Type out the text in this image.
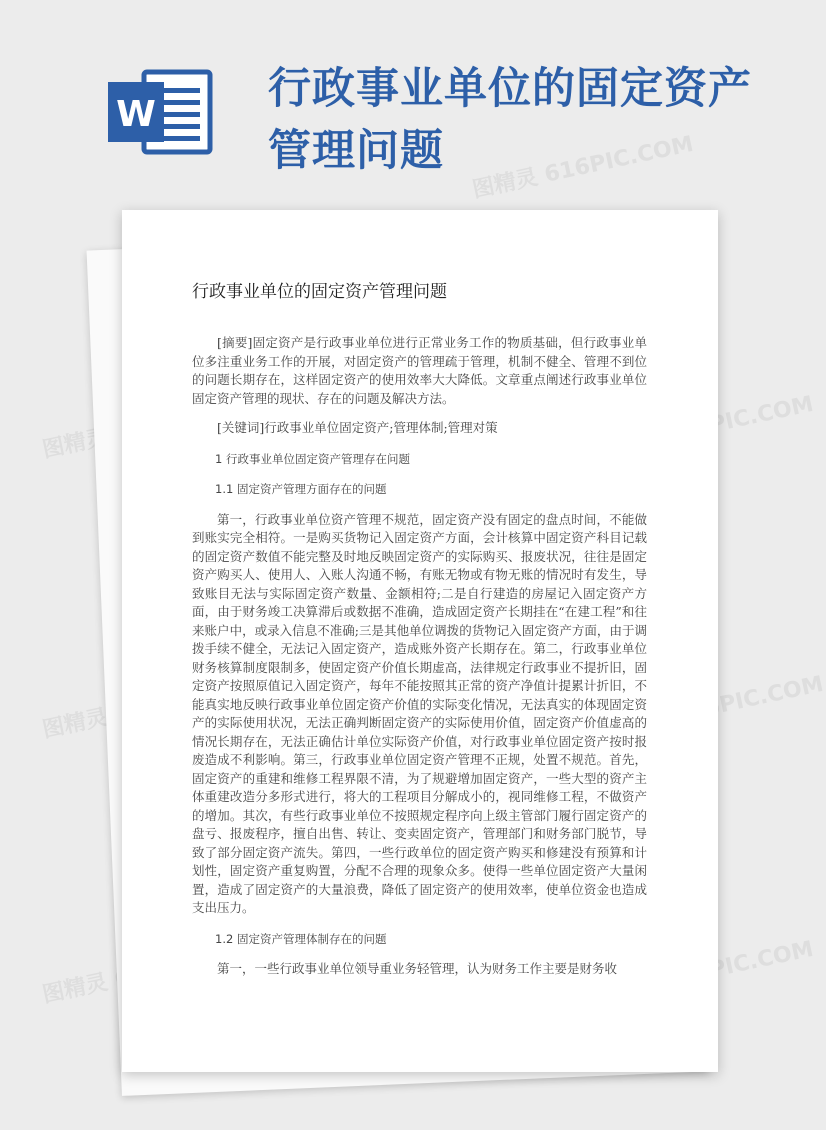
W
行政事业单位的固定资产管理问题	图精灵 616PIC.COM
图精灵	616PIC.COM
图精灵	616PIC.COM
图精灵	616PIC.COM
行政事业单位的固定资产管理问题

[摘要]固定资产是行政事业单位进行正常业务工作的物质基础，但行政事业单位多注重业务工作的开展，对固定资产的管理疏于管理，机制不健全、管理不到位的问题长期存在，这样固定资产的使用效率大大降低。文章重点阐述行政事业单位固定资产管理的现状、存在的问题及解决方法。

[关键词]行政事业单位固定资产;管理体制;管理对策

1 行政事业单位固定资产管理存在问题

1.1 固定资产管理方面存在的问题

第一，行政事业单位资产管理不规范，固定资产没有固定的盘点时间，不能做到账实完全相符。一是购买货物记入固定资产方面，会计核算中固定资产科目记载的固定资产数值不能完整及时地反映固定资产的实际购买、报废状况，往往是固定资产购买人、使用人、入账人沟通不畅，有账无物或有物无账的情况时有发生，导致账目无法与实际固定资产数量、金额相符;二是自行建造的房屋记入固定资产方面，由于财务竣工决算滞后或数据不准确，造成固定资产长期挂在“在建工程”和往来账户中，或录入信息不准确;三是其他单位调拨的货物记入固定资产方面，由于调拨手续不健全，无法记入固定资产，造成账外资产长期存在。第二，行政事业单位财务核算制度限制多，使固定资产价值长期虚高，法律规定行政事业不提折旧，固定资产按照原值记入固定资产，每年不能按照其正常的资产净值计提累计折旧，不能真实地反映行政事业单位固定资产价值的实际变化情况，无法真实的体现固定资产的实际使用状况，无法正确判断固定资产的实际使用价值，固定资产价值虚高的情况长期存在，无法正确估计单位实际资产价值，对行政事业单位固定资产按时报废造成不利影响。第三，行政事业单位固定资产管理不正规，处置不规范。首先，固定资产的重建和维修工程界限不清，为了规避增加固定资产，一些大型的资产主体重建改造分多形式进行，将大的工程项目分解成小的，视同维修工程，不做资产的增加。其次，有些行政事业单位不按照规定程序向上级主管部门履行固定资产的盘亏、报废程序，擅自出售、转让、变卖固定资产，管理部门和财务部门脱节，导致了部分固定资产流失。第四，一些行政单位的固定资产购买和修建没有预算和计划性，固定资产重复购置，分配不合理的现象众多。使得一些单位固定资产大量闲置，造成了固定资产的大量浪费，降低了固定资产的使用效率，使单位资金也造成支出压力。

1.2 固定资产管理体制存在的问题

第一，一些行政事业单位领导重业务轻管理，认为财务工作主要是财务收
